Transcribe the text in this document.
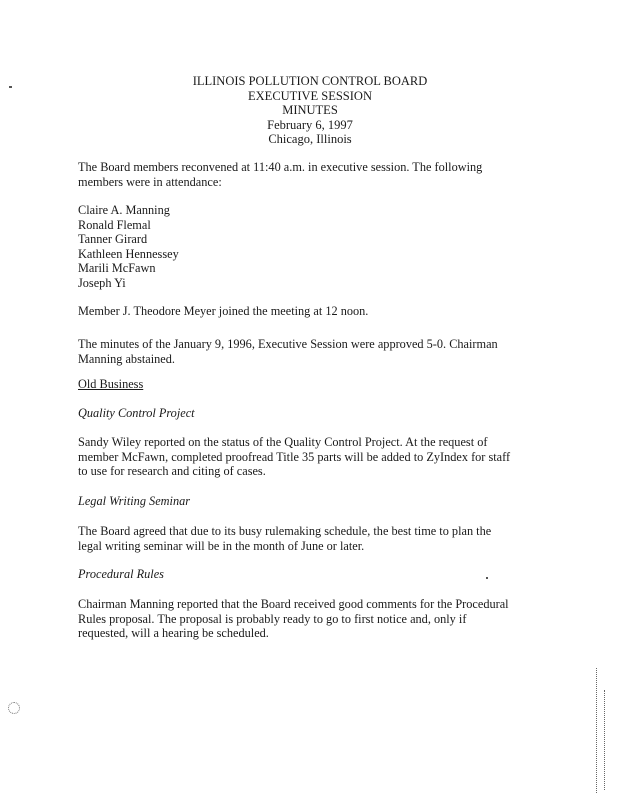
ILLINOIS POLLUTION CONTROL BOARD
EXECUTIVE SESSION
MINUTES
February 6, 1997
Chicago, Illinois
The Board members reconvened at 11:40 a.m. in executive session. The following members were in attendance:

Claire A. Manning

Ronald Flemal

Tanner Girard

Kathleen Hennessey

Marili McFawn

Joseph Yi

Member J. Theodore Meyer joined the meeting at 12 noon.
The minutes of the January 9, 1996, Executive Session were approved 5-0. Chairman Manning abstained.
Old Business
Quality Control Project
Sandy Wiley reported on the status of the Quality Control Project. At the request of member McFawn, completed proofread Title 35 parts will be added to ZyIndex for staff to use for research and citing of cases.
Legal Writing Seminar
The Board agreed that due to its busy rulemaking schedule, the best time to plan the legal writing seminar will be in the month of June or later.
Procedural Rules
Chairman Manning reported that the Board received good comments for the Procedural Rules proposal. The proposal is probably ready to go to first notice and, only if requested, will a hearing be scheduled.
